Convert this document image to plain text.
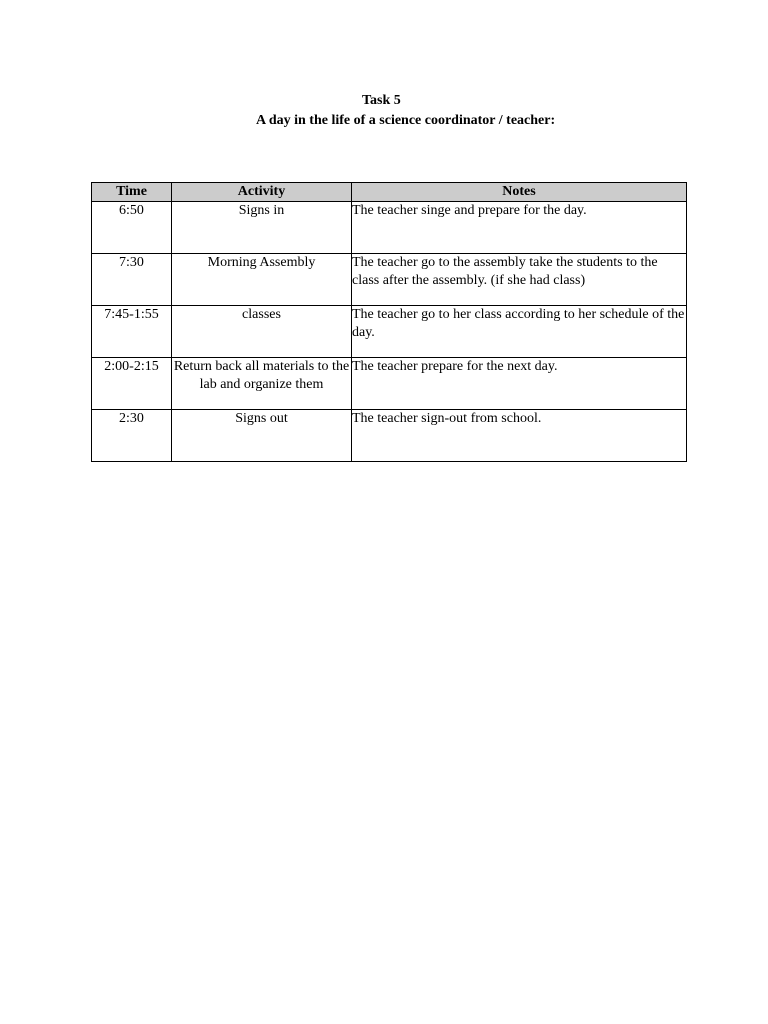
Task 5
A day in the life of a science coordinator / teacher:
Time	Activity	Notes
6:50	Signs in	The teacher singe and prepare for the day.
7:30	Morning Assembly	The teacher go to the assembly take the students to the class after the assembly. (if she had class)
7:45-1:55	classes	The teacher go to her class according to her schedule of the day.
2:00-2:15	Return back all materials to the lab and organize them	The teacher prepare for the next day.
2:30	Signs out	The teacher sign-out from school.
